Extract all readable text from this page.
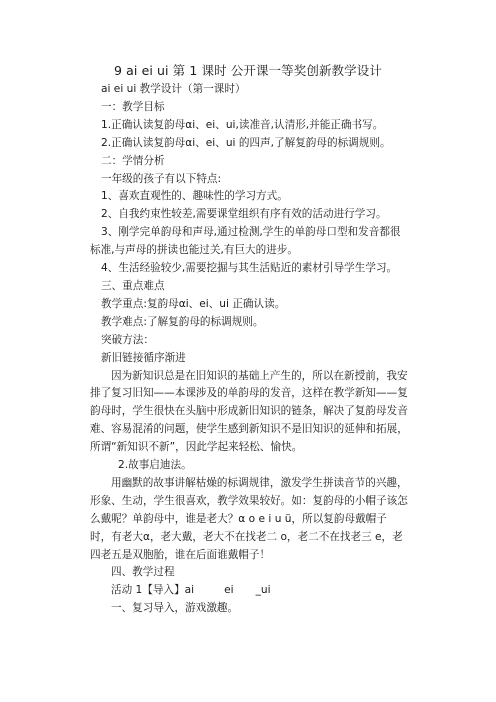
9 ai ei ui 第 1 课时 公开课一等奖创新教学设计

ai ei ui 教学设计（第一课时）

一：教学目标

1.正确认读复韵母αi、ei、ui,读准音,认清形,并能正确书写。

2.正确认读复韵母αi、ei、ui 的四声,了解复韵母的标调规则。

二：学情分析

一年级的孩子有以下特点:

1、喜欢直观性的、趣味性的学习方式。

2、自我约束性较差,需要课堂组织有序有效的活动进行学习。

3、刚学完单韵母和声母,通过检测,学生的单韵母口型和发音都很标准,与声母的拼读也能过关,有巨大的进步。

4、生活经验较少,需要挖掘与其生活贴近的素材引导学生学习。

三、重点难点

教学重点:复韵母αi、ei、ui 正确认读。

教学难点:了解复韵母的标调规则。

突破方法：

新旧链接循序渐进

因为新知识总是在旧知识的基础上产生的，所以在新授前，我安排了复习旧知——本课涉及的单韵母的发音，这样在教学新知——复韵母时，学生很快在头脑中形成新旧知识的链条，解决了复韵母发音难、容易混淆的问题，使学生感到新知识不是旧知识的延伸和拓展，所谓“新知识不新”，因此学起来轻松、愉快。

2.故事启迪法。

用幽默的故事讲解枯燥的标调规律，激发学生拼读音节的兴趣，形象、生动，学生很喜欢，教学效果较好。如：复韵母的小帽子该怎么戴呢？单韵母中，谁是老大？α o e i u ü，所以复韵母戴帽子时，有老大α，老大戴，老大不在找老二 o，老二不在找老三 e，老四老五是双胞胎，谁在后面谁戴帽子！

四、教学过程

活动 1【导入】ai	ei _ui

一、复习导入，游戏激趣。
